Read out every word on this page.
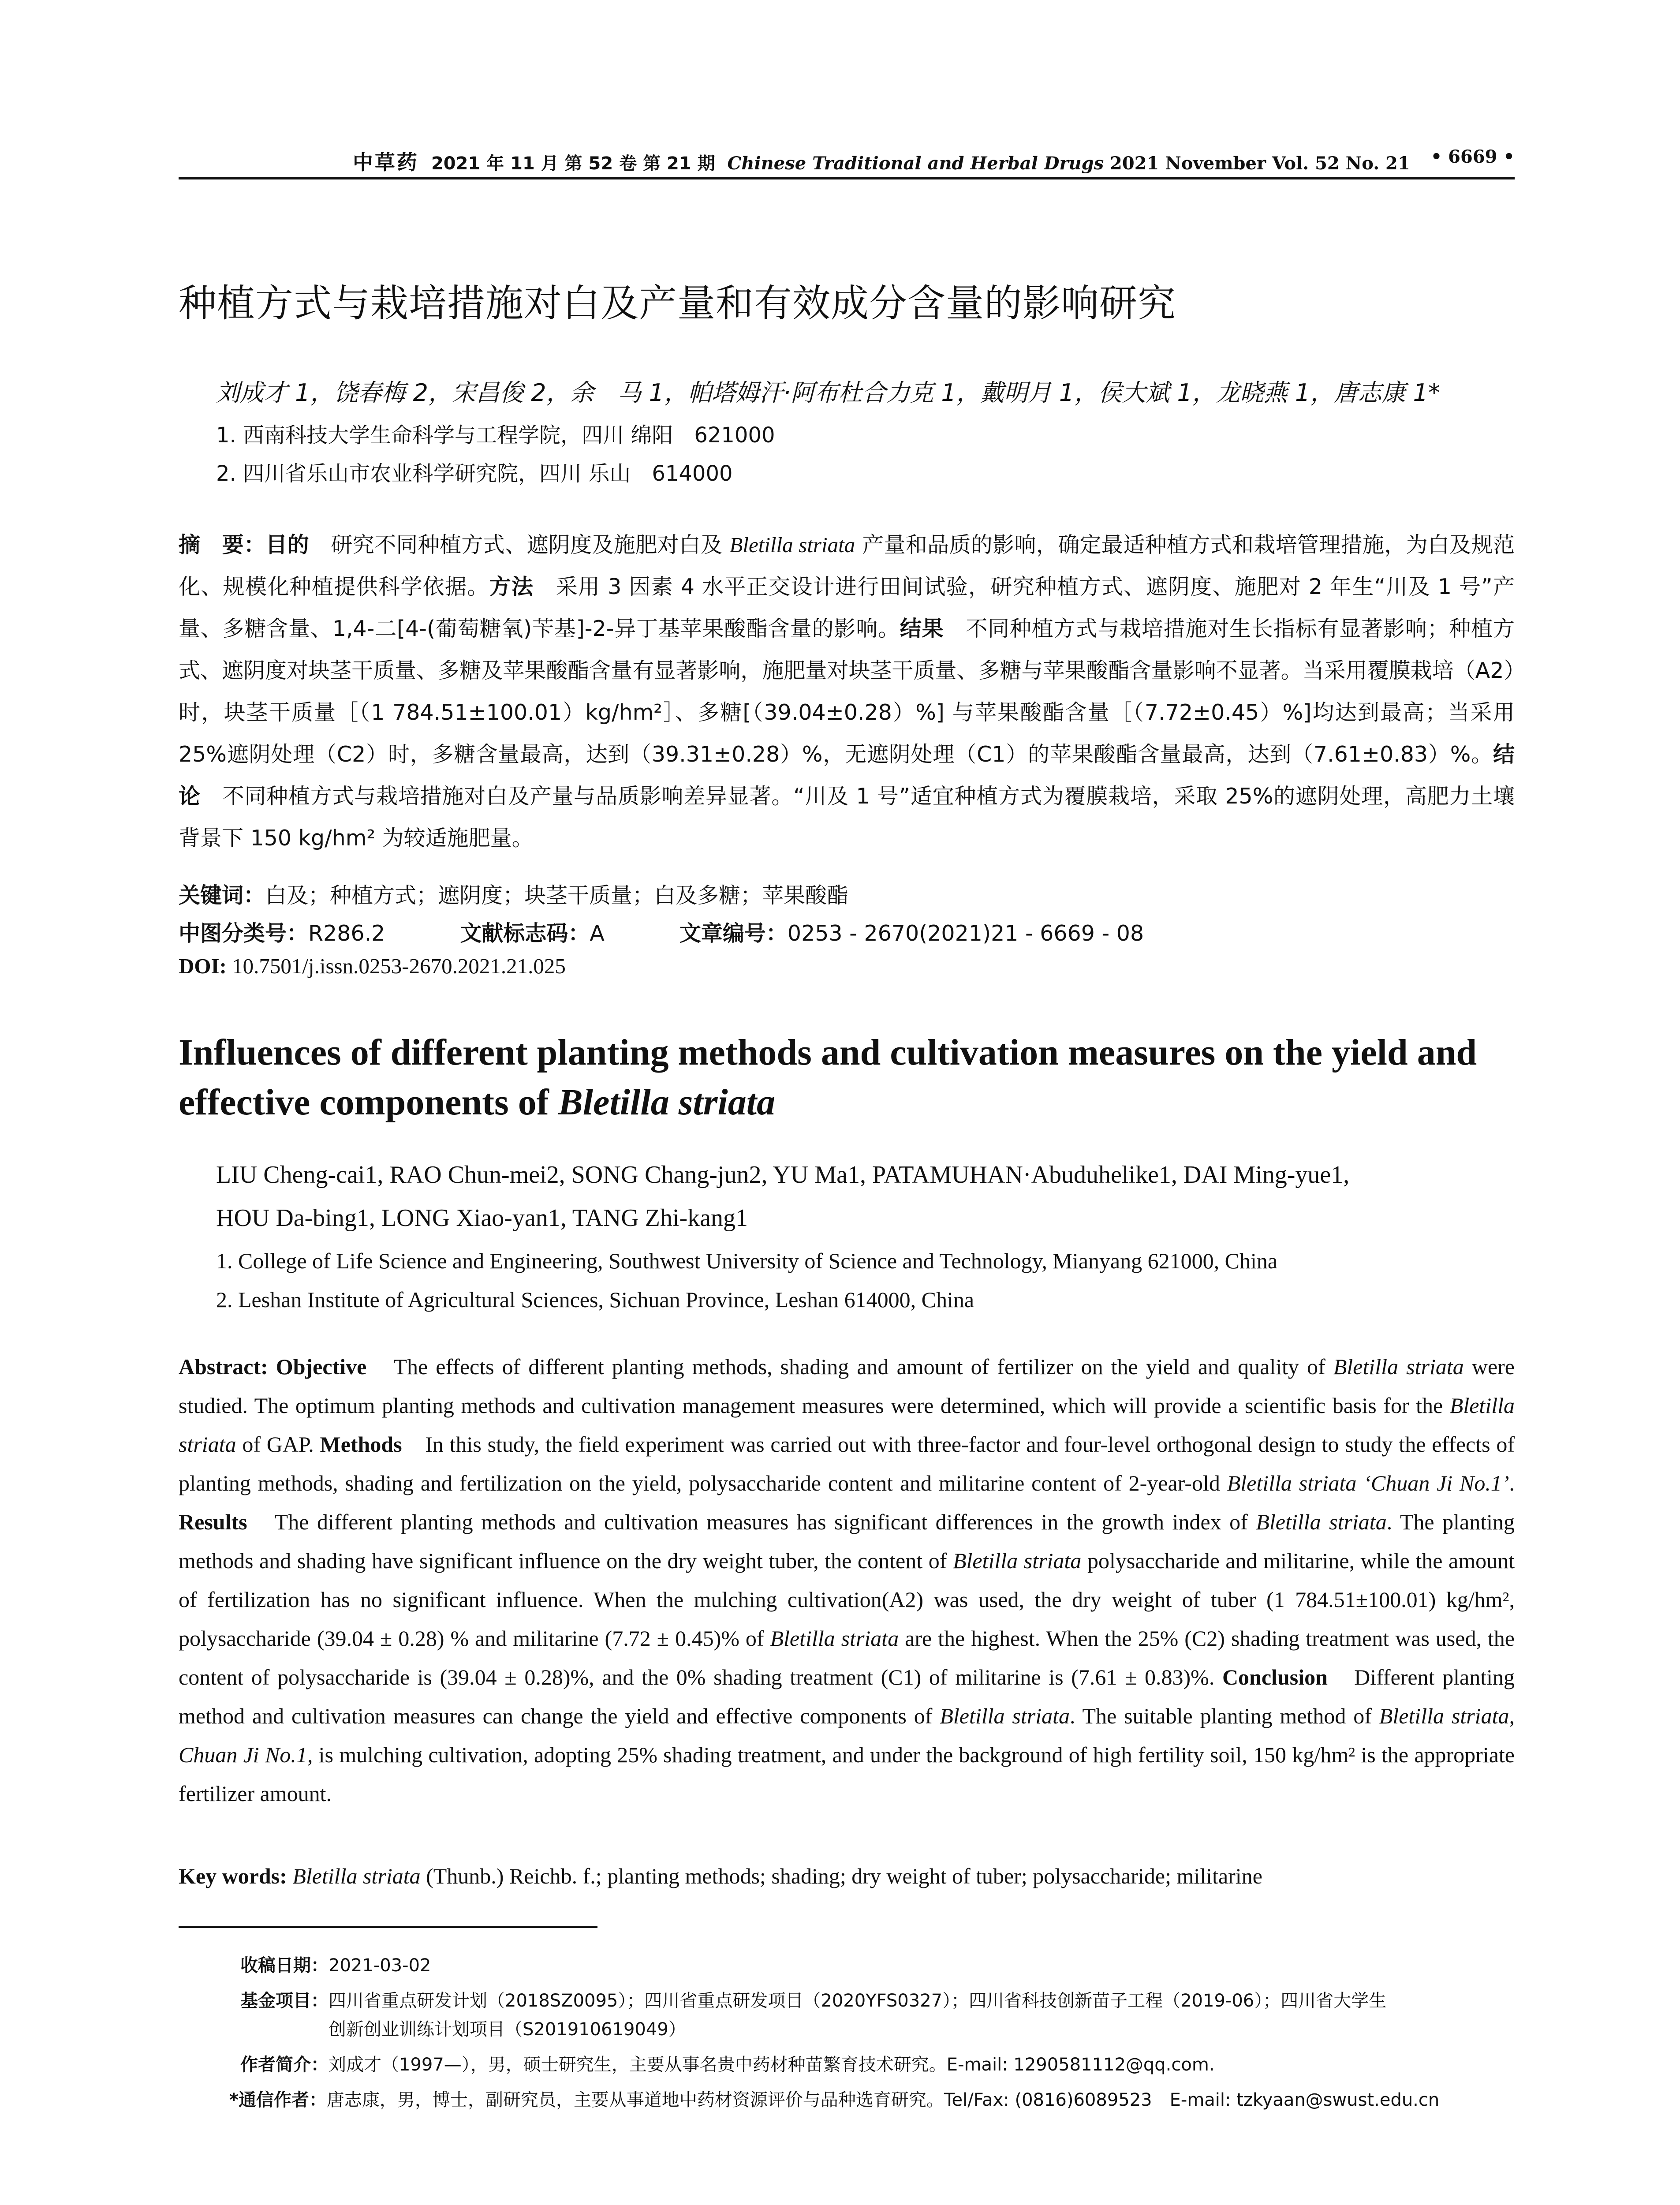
中草药 2021 年 11 月 第 52 卷 第 21 期 Chinese Traditional and Herbal Drugs 2021 November Vol. 52 No. 21 • 6669 •
种植方式与栽培措施对白及产量和有效成分含量的影响研究
刘成才 1，饶春梅 2，宋昌俊 2，余　马 1，帕塔姆汗·阿布杜合力克 1，戴明月 1，侯大斌 1，龙晓燕 1，唐志康 1*
1. 西南科技大学生命科学与工程学院，四川 绵阳　621000
2. 四川省乐山市农业科学研究院，四川 乐山　614000

摘　要：目的　研究不同种植方式、遮阴度及施肥对白及 Bletilla striata 产量和品质的影响，确定最适种植方式和栽培管理措施，为白及规范化、规模化种植提供科学依据。方法　采用 3 因素 4 水平正交设计进行田间试验，研究种植方式、遮阴度、施肥对 2 年生“川及 1 号”产量、多糖含量、1,4-二[4-(葡萄糖氧)苄基]-2-异丁基苹果酸酯含量的影响。结果　不同种植方式与栽培措施对生长指标有显著影响；种植方式、遮阴度对块茎干质量、多糖及苹果酸酯含量有显著影响，施肥量对块茎干质量、多糖与苹果酸酯含量影响不显著。当采用覆膜栽培（A2）时，块茎干质量［（1 784.51±100.01）kg/hm²］、多糖[（39.04±0.28）%] 与苹果酸酯含量［（7.72±0.45）%]均达到最高；当采用 25%遮阴处理（C2）时，多糖含量最高，达到（39.31±0.28）%，无遮阴处理（C1）的苹果酸酯含量最高，达到（7.61±0.83）%。结论　不同种植方式与栽培措施对白及产量与品质影响差异显著。“川及 1 号”适宜种植方式为覆膜栽培，采取 25%的遮阴处理，高肥力土壤背景下 150 kg/hm² 为较适施肥量。

关键词：白及；种植方式；遮阴度；块茎干质量；白及多糖；苹果酸酯
中图分类号：R286.2	文献标志码：A	文章编号：0253 - 2670(2021)21 - 6669 - 08
DOI: 10.7501/j.issn.0253-2670.2021.21.025

Influences of different planting methods and cultivation measures on the yield and effective components of Bletilla striata

LIU Cheng-cai1, RAO Chun-mei2, SONG Chang-jun2, YU Ma1, PATAMUHAN·Abuduhelike1, DAI Ming-yue1,
HOU Da-bing1, LONG Xiao-yan1, TANG Zhi-kang1

1. College of Life Science and Engineering, Southwest University of Science and Technology, Mianyang 621000, China
2. Leshan Institute of Agricultural Sciences, Sichuan Province, Leshan 614000, China

Abstract: Objective　The effects of different planting methods, shading and amount of fertilizer on the yield and quality of Bletilla striata were studied. The optimum planting methods and cultivation management measures were determined, which will provide a scientific basis for the Bletilla striata of GAP. Methods　In this study, the field experiment was carried out with three-factor and four-level orthogonal design to study the effects of planting methods, shading and fertilization on the yield, polysaccharide content and militarine content of 2-year-old Bletilla striata ‘Chuan Ji No.1’. Results　The different planting methods and cultivation measures has significant differences in the growth index of Bletilla striata. The planting methods and shading have significant influence on the dry weight tuber, the content of Bletilla striata polysaccharide and militarine, while the amount of fertilization has no significant influence. When the mulching cultivation(A2) was used, the dry weight of tuber (1 784.51±100.01) kg/hm², polysaccharide (39.04 ± 0.28) % and militarine (7.72 ± 0.45)% of Bletilla striata are the highest. When the 25% (C2) shading treatment was used, the content of polysaccharide is (39.04 ± 0.28)%, and the 0% shading treatment (C1) of militarine is (7.61 ± 0.83)%. Conclusion　Different planting method and cultivation measures can change the yield and effective components of Bletilla striata. The suitable planting method of Bletilla striata, Chuan Ji No.1, is mulching cultivation, adopting 25% shading treatment, and under the background of high fertility soil, 150 kg/hm² is the appropriate fertilizer amount.

Key words: Bletilla striata (Thunb.) Reichb. f.; planting methods; shading; dry weight of tuber; polysaccharide; militarine
收稿日期：2021-03-02
基金项目：四川省重点研发计划（2018SZ0095）；四川省重点研发项目（2020YFS0327）；四川省科技创新苗子工程（2019-06）；四川省大学生
创新创业训练计划项目（S201910619049）
作者简介：刘成才（1997—），男，硕士研究生，主要从事名贵中药材种苗繁育技术研究。E-mail: 1290581112@qq.com.
*通信作者：唐志康，男，博士，副研究员，主要从事道地中药材资源评价与品种选育研究。Tel/Fax: (0816)6089523　E-mail: tzkyaan@swust.edu.cn
